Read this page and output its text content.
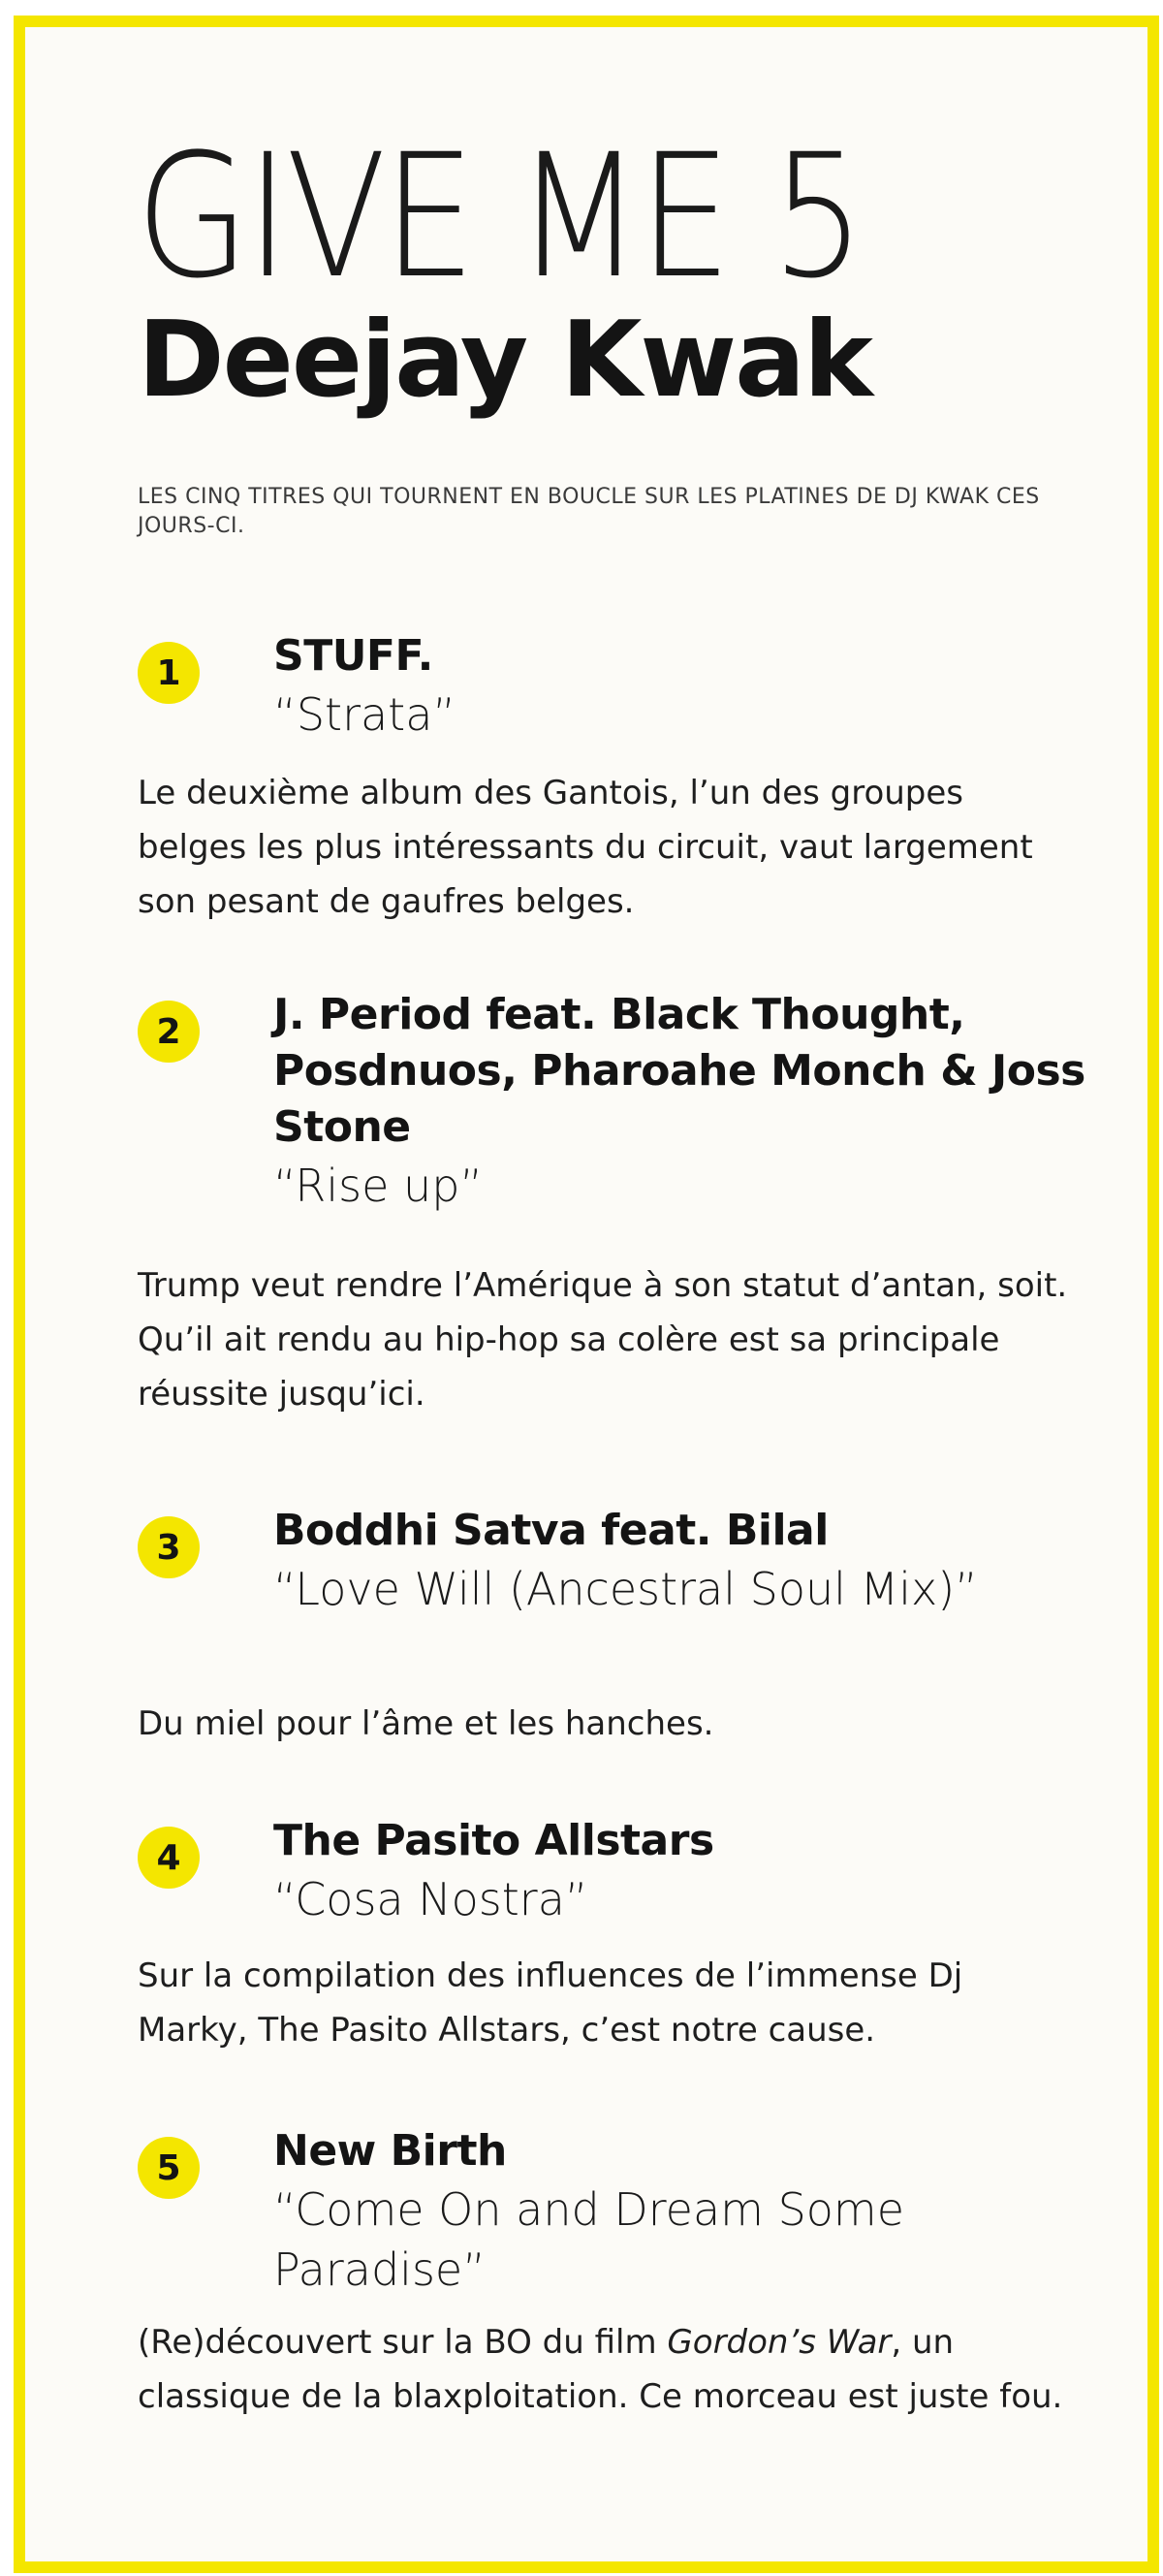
GIVE ME 5
Deejay Kwak

LES CINQ TITRES QUI TOURNENT EN BOUCLE SUR LES PLATINES DE DJ KWAK CES JOURS-CI.

1	STUFF.

“Strata”

Le deuxième album des Gantois, l’un des groupes belges les plus intéressants du circuit, vaut largement son pesant de gaufres belges.

2	J. Period feat. Black Thought, Posdnuos, Pharoahe Monch & Joss Stone

“Rise up”

Trump veut rendre l’Amérique à son statut d’antan, soit. Qu’il ait rendu au hip-hop sa colère est sa principale réussite jusqu’ici.

3	Boddhi Satva feat. Bilal

“Love Will (Ancestral Soul Mix)”

Du miel pour l’âme et les hanches.

4	The Pasito Allstars

“Cosa Nostra”

Sur la compilation des influences de l’immense Dj Marky, The Pasito Allstars, c’est notre cause.

5	New Birth

“Come On and Dream Some Paradise”

(Re)découvert sur la BO du film Gordon’s War, un classique de la blaxploitation. Ce morceau est juste fou.
